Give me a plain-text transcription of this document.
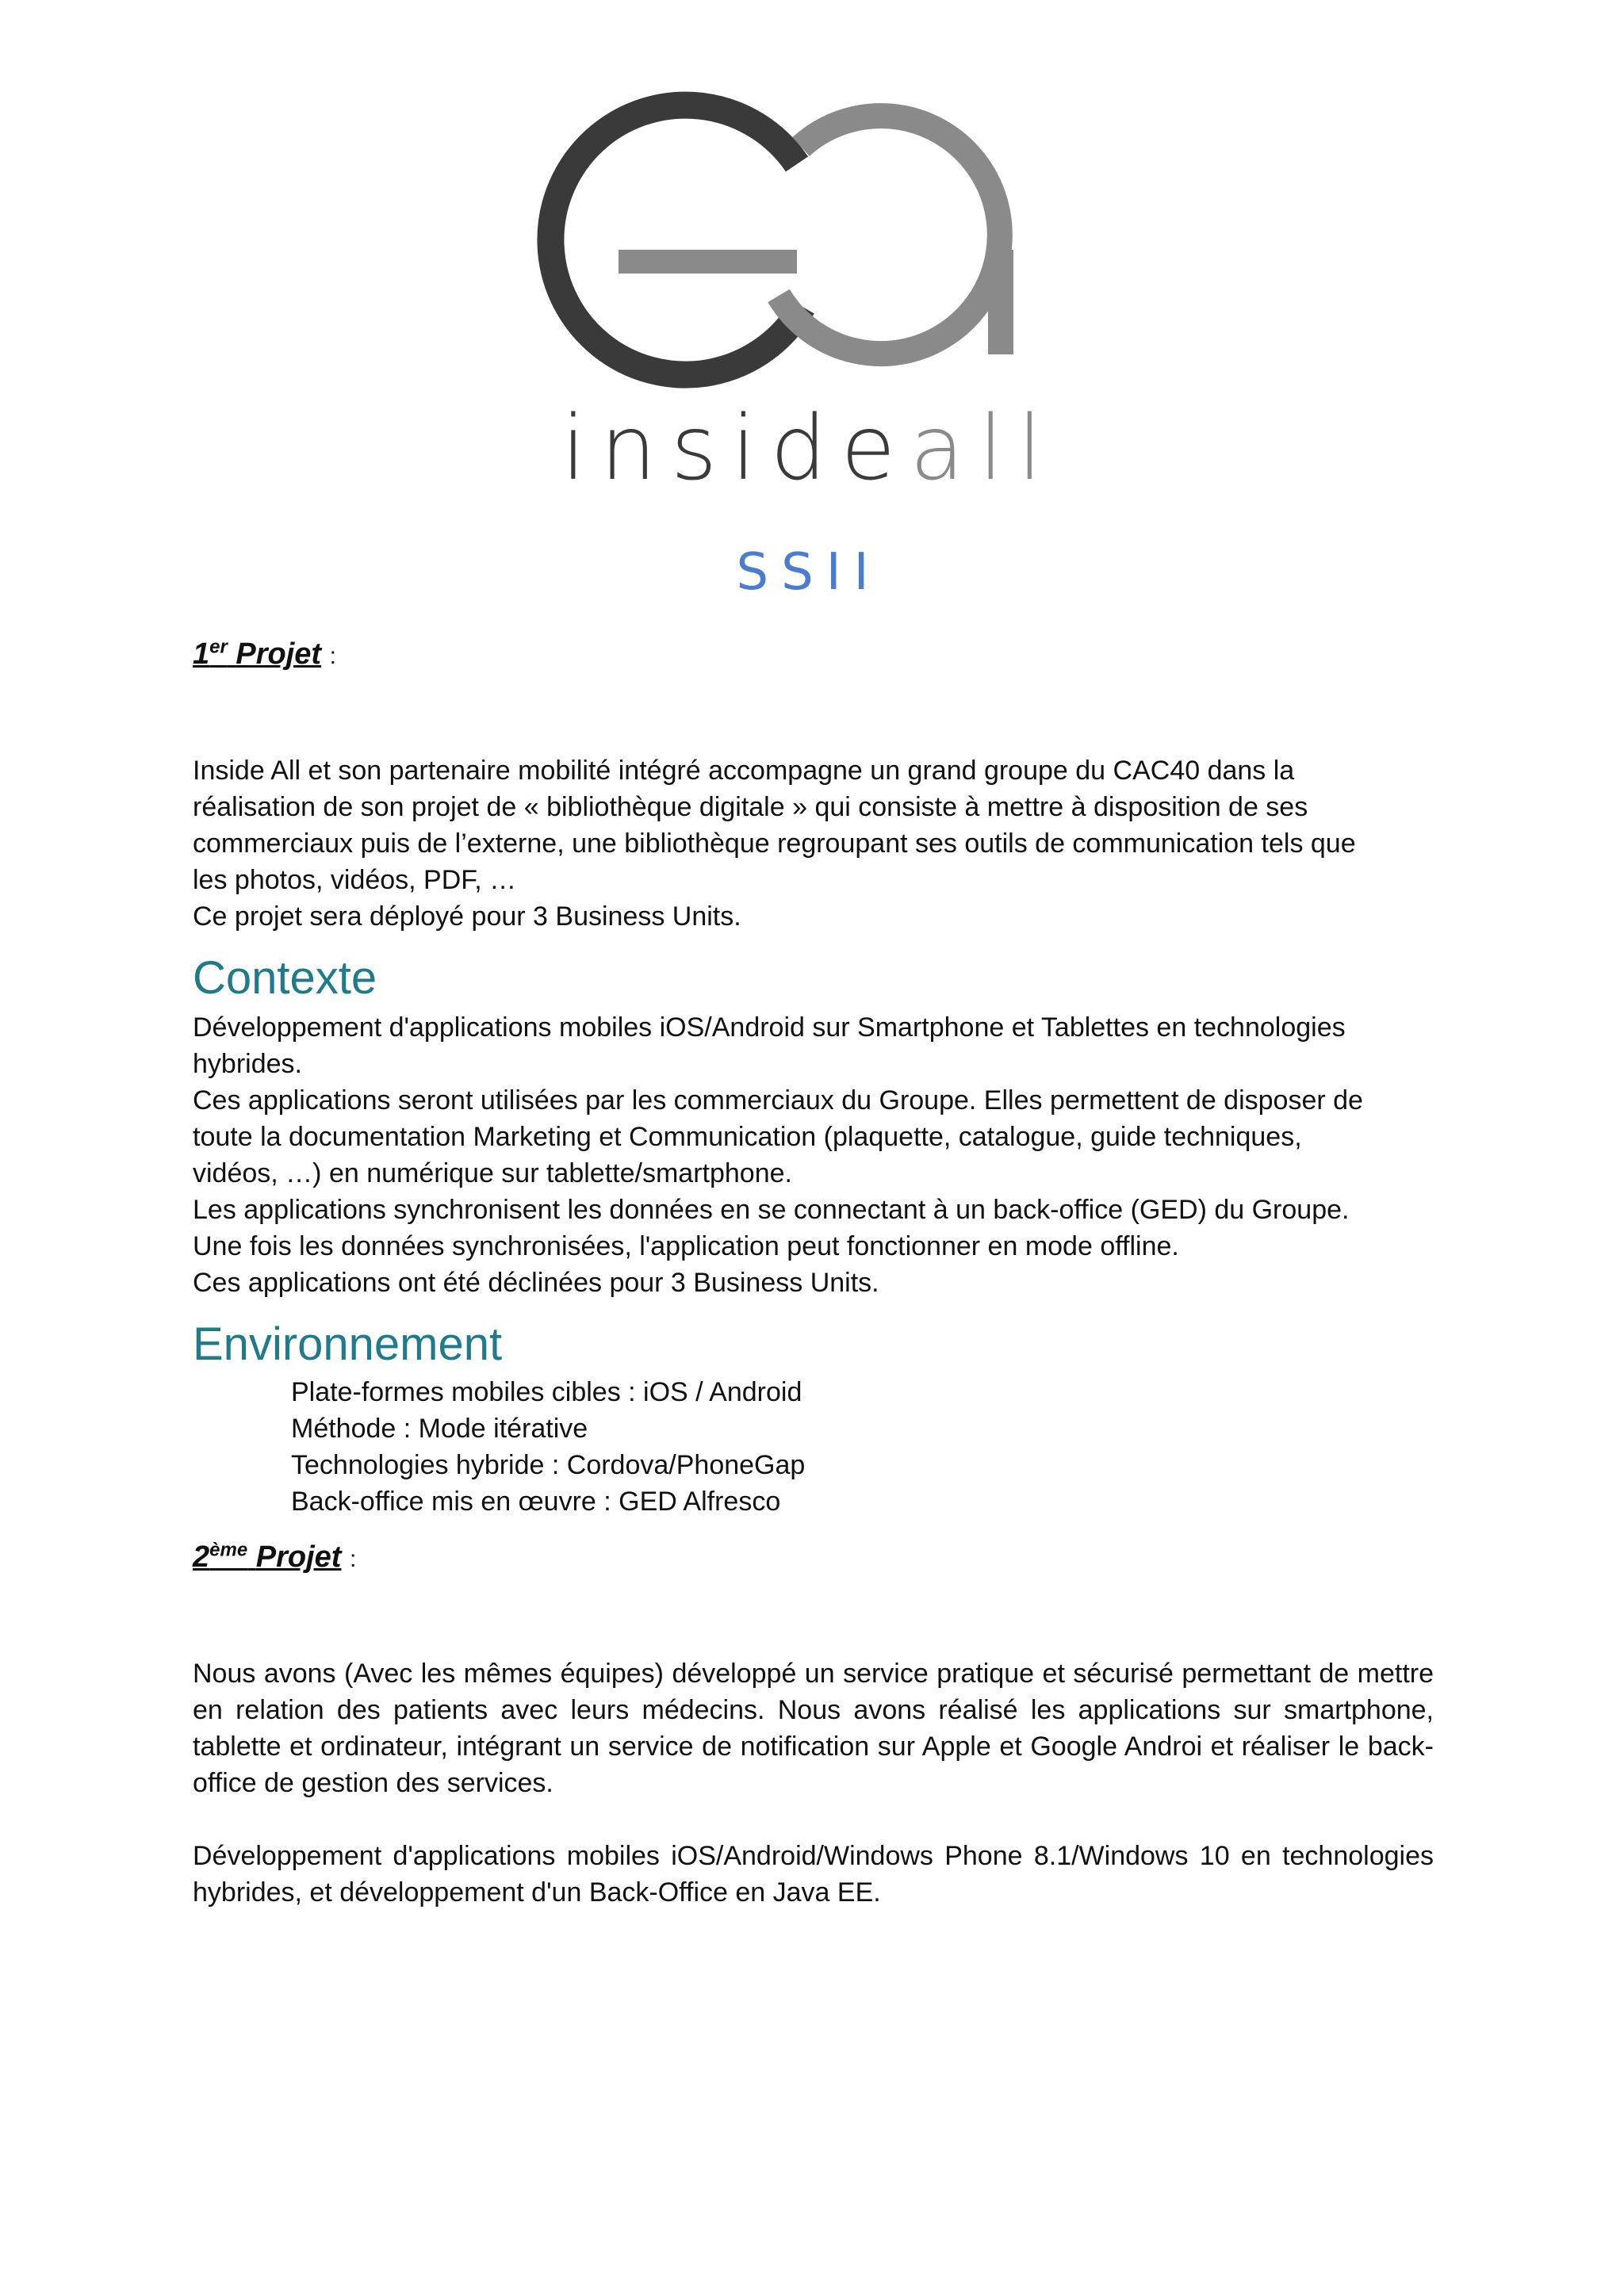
insideall
SSII

1er Projet :

Inside All et son partenaire mobilité intégré accompagne un grand groupe du CAC40 dans la

réalisation de son projet de « bibliothèque digitale » qui consiste à mettre à disposition de ses

commerciaux puis de l’externe, une bibliothèque regroupant ses outils de communication tels que

les photos, vidéos, PDF, …

Ce projet sera déployé pour 3 Business Units.

Contexte

Développement d'applications mobiles iOS/Android sur Smartphone et Tablettes en technologies

hybrides.

Ces applications seront utilisées par les commerciaux du Groupe. Elles permettent de disposer de

toute la documentation Marketing et Communication (plaquette, catalogue, guide techniques,

vidéos, …) en numérique sur tablette/smartphone.

Les applications synchronisent les données en se connectant à un back-office (GED) du Groupe.

Une fois les données synchronisées, l'application peut fonctionner en mode offline.

Ces applications ont été déclinées pour 3 Business Units.

Environnement

Plate-formes mobiles cibles : iOS / Android

Méthode : Mode itérative

Technologies hybride : Cordova/PhoneGap

Back-office mis en œuvre : GED Alfresco

2ème Projet :

Nous avons (Avec les mêmes équipes) développé un service pratique et sécurisé permettant de mettre en relation des patients avec leurs médecins. Nous avons réalisé les applications sur smartphone, tablette et ordinateur, intégrant un service de notification sur Apple et Google Androi et réaliser le back-office de gestion des services.

Développement d'applications mobiles iOS/Android/Windows Phone 8.1/Windows 10 en technologies hybrides, et développement d'un Back-Office en Java EE.
